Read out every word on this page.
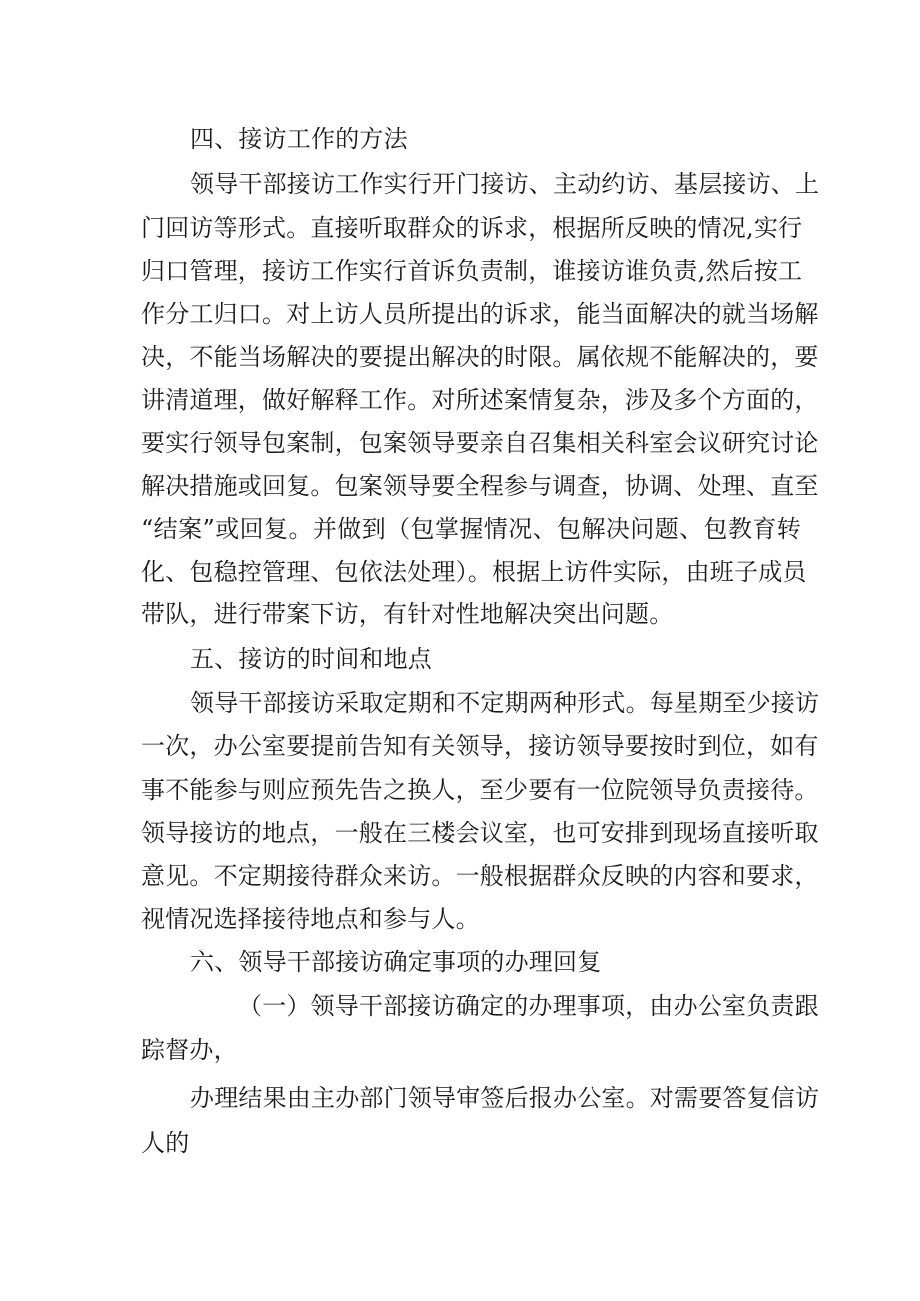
四、接访工作的方法
领导干部接访工作实行开门接访、主动约访、基层接访、上
门回访等形式。直接听取群众的诉求，根据所反映的情况,实行
归口管理，接访工作实行首诉负责制，谁接访谁负责,然后按工
作分工归口。对上访人员所提出的诉求，能当面解决的就当场解
决，不能当场解决的要提出解决的时限。属依规不能解决的，要
讲清道理，做好解释工作。对所述案情复杂，涉及多个方面的，
要实行领导包案制，包案领导要亲自召集相关科室会议研究讨论
解决措施或回复。包案领导要全程参与调查，协调、处理、直至
“结案”或回复。并做到（包掌握情况、包解决问题、包教育转
化、包稳控管理、包依法处理）。根据上访件实际，由班子成员
带队，进行带案下访，有针对性地解决突出问题。
五、接访的时间和地点
领导干部接访采取定期和不定期两种形式。每星期至少接访
一次，办公室要提前告知有关领导，接访领导要按时到位，如有
事不能参与则应预先告之换人，至少要有一位院领导负责接待。
领导接访的地点，一般在三楼会议室，也可安排到现场直接听取
意见。不定期接待群众来访。一般根据群众反映的内容和要求，
视情况选择接待地点和参与人。
六、领导干部接访确定事项的办理回复
（一）领导干部接访确定的办理事项，由办公室负责跟
踪督办，
办理结果由主办部门领导审签后报办公室。对需要答复信访
人的
